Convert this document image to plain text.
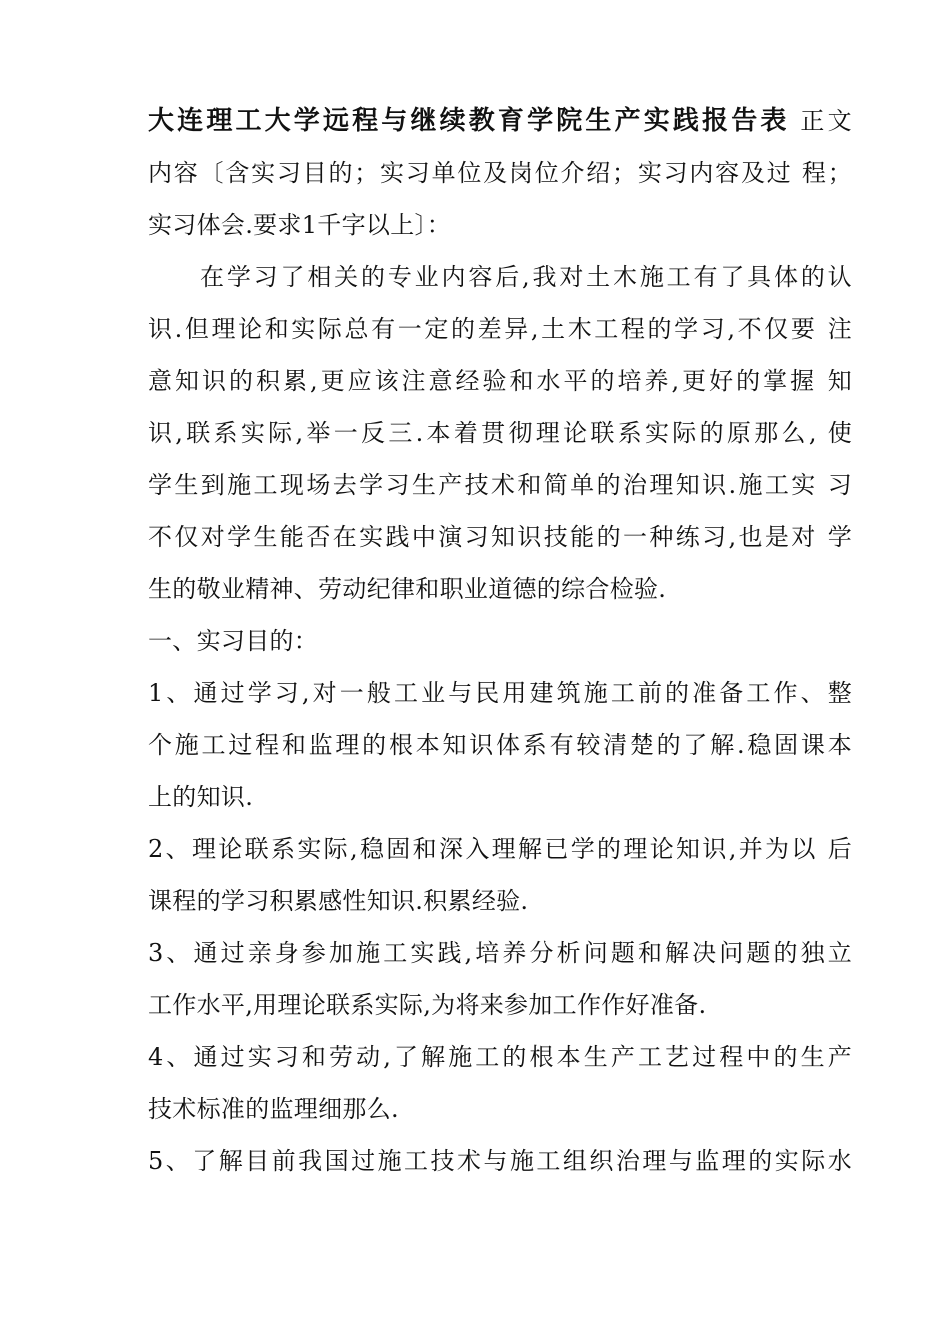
大连理工大学远程与继续教育学院生产实践报告表 正文
内容〔含实习目的；实习单位及岗位介绍；实习内容及过 程；
实习体会.要求1千字以上〕：
在学习了相关的专业内容后,我对土木施工有了具体的认
识.但理论和实际总有一定的差异,土木工程的学习,不仅要 注
意知识的积累,更应该注意经验和水平的培养,更好的掌握 知
识,联系实际,举一反三.本着贯彻理论联系实际的原那么, 使
学生到施工现场去学习生产技术和简单的治理知识.施工实 习
不仅对学生能否在实践中演习知识技能的一种练习,也是对 学
生的敬业精神、劳动纪律和职业道德的综合检验.
一、实习目的：
1、通过学习,对一般工业与民用建筑施工前的准备工作、整
个施工过程和监理的根本知识体系有较清楚的了解.稳固课本
上的知识.
2、理论联系实际,稳固和深入理解已学的理论知识,并为以 后
课程的学习积累感性知识.积累经验.
3、通过亲身参加施工实践,培养分析问题和解决问题的独立
工作水平,用理论联系实际,为将来参加工作作好准备.
4、通过实习和劳动,了解施工的根本生产工艺过程中的生产
技术标准的监理细那么.
5、了解目前我国过施工技术与施工组织治理与监理的实际水
